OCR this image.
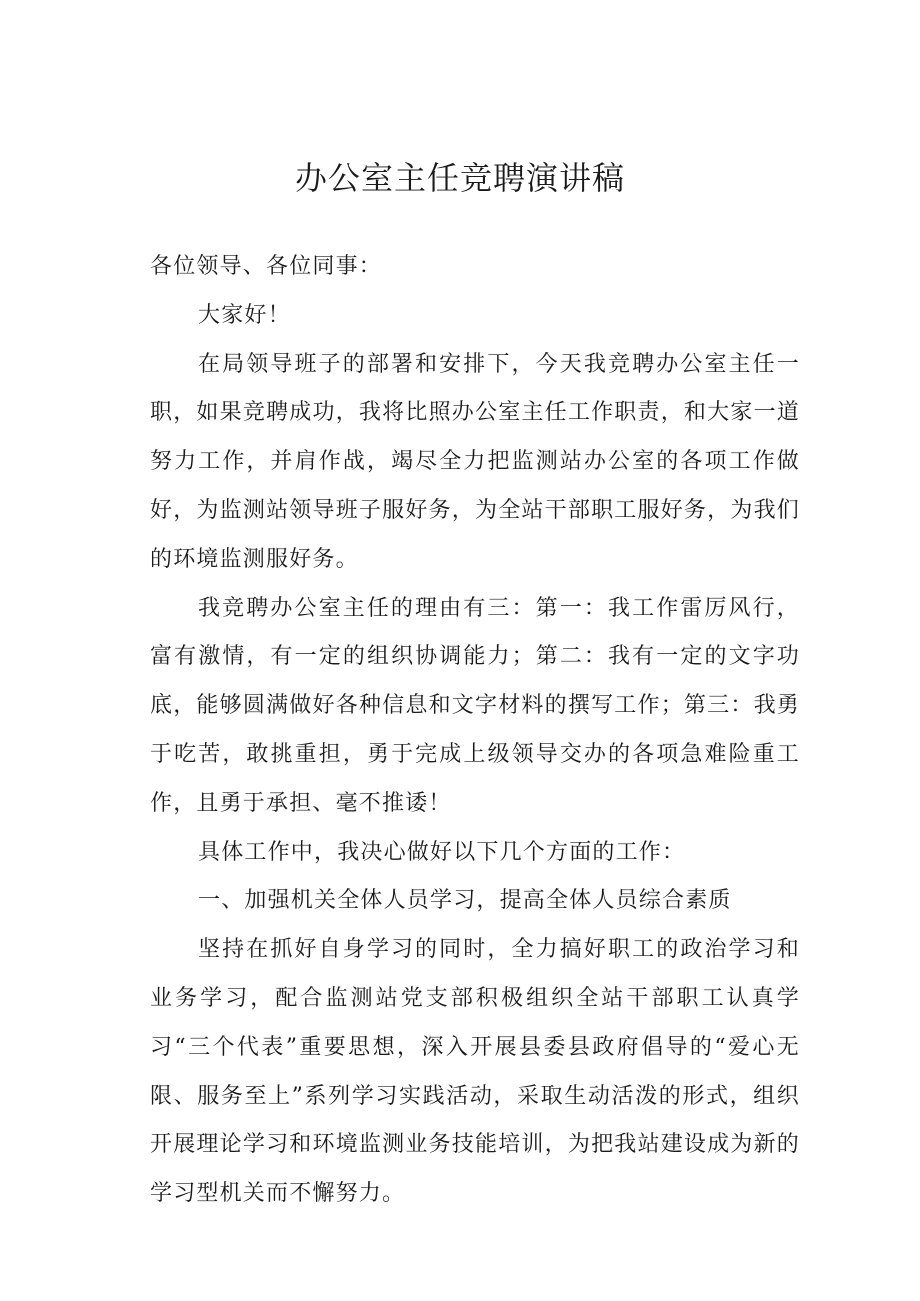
办公室主任竞聘演讲稿

各位领导、各位同事：

大家好！

在局领导班子的部署和安排下，今天我竞聘办公室主任一职，如果竞聘成功，我将比照办公室主任工作职责，和大家一道努力工作，并肩作战，竭尽全力把监测站办公室的各项工作做好，为监测站领导班子服好务，为全站干部职工服好务，为我们的环境监测服好务。

我竞聘办公室主任的理由有三：第一：我工作雷厉风行，富有激情，有一定的组织协调能力；第二：我有一定的文字功底，能够圆满做好各种信息和文字材料的撰写工作；第三：我勇于吃苦，敢挑重担，勇于完成上级领导交办的各项急难险重工作，且勇于承担、毫不推诿！

具体工作中，我决心做好以下几个方面的工作：

一、加强机关全体人员学习，提高全体人员综合素质

坚持在抓好自身学习的同时，全力搞好职工的政治学习和业务学习，配合监测站党支部积极组织全站干部职工认真学习“三个代表”重要思想，深入开展县委县政府倡导的“爱心无限、服务至上”系列学习实践活动，采取生动活泼的形式，组织开展理论学习和环境监测业务技能培训，为把我站建设成为新的学习型机关而不懈努力。
